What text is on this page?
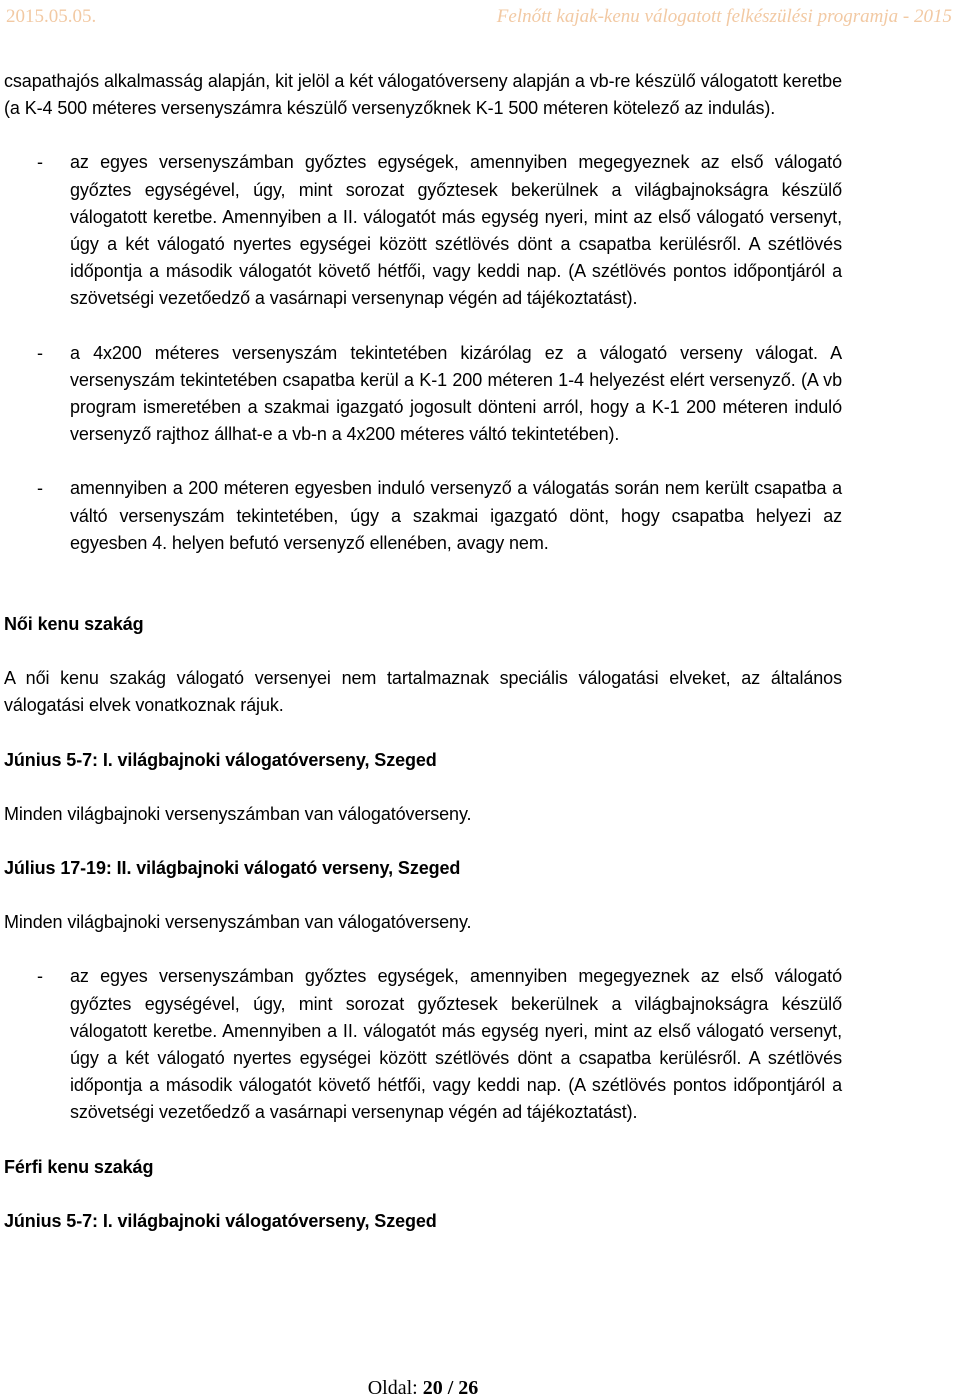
2015.05.05.	Felnőtt kajak-kenu válogatott felkészülési programja - 2015

csapathajós alkalmasság alapján, kit jelöl a két válogatóverseny alapján a vb-re készülő válogatott keretbe (a K-4 500 méteres versenyszámra készülő versenyzőknek K-1 500 méteren kötelező az indulás).

- az egyes versenyszámban győztes egységek, amennyiben megegyeznek az első válogató győztes egységével, úgy, mint sorozat győztesek bekerülnek a világbajnokságra készülő válogatott keretbe. Amennyiben a II. válogatót más egység nyeri, mint az első válogató versenyt, úgy a két válogató nyertes egységei között szétlövés dönt a csapatba kerülésről. A szétlövés időpontja a második válogatót követő hétfői, vagy keddi nap. (A szétlövés pontos időpontjáról a szövetségi vezetőedző a vasárnapi versenynap végén ad tájékoztatást).

- a 4x200 méteres versenyszám tekintetében kizárólag ez a válogató verseny válogat. A versenyszám tekintetében csapatba kerül a K-1 200 méteren 1-4 helyezést elért versenyző. (A vb program ismeretében a szakmai igazgató jogosult dönteni arról, hogy a K-1 200 méteren induló versenyző rajthoz állhat-e a vb-n a 4x200 méteres váltó tekintetében).

- amennyiben a 200 méteren egyesben induló versenyző a válogatás során nem került csapatba a váltó versenyszám tekintetében, úgy a szakmai igazgató dönt, hogy csapatba helyezi az egyesben 4. helyen befutó versenyző ellenében, avagy nem.

Női kenu szakág

A női kenu szakág válogató versenyei nem tartalmaznak speciális válogatási elveket, az általános válogatási elvek vonatkoznak rájuk.

Június 5-7: I. világbajnoki válogatóverseny, Szeged

Minden világbajnoki versenyszámban van válogatóverseny.

Július 17-19: II. világbajnoki válogató verseny, Szeged

Minden világbajnoki versenyszámban van válogatóverseny.

- az egyes versenyszámban győztes egységek, amennyiben megegyeznek az első válogató győztes egységével, úgy, mint sorozat győztesek bekerülnek a világbajnokságra készülő válogatott keretbe. Amennyiben a II. válogatót más egység nyeri, mint az első válogató versenyt, úgy a két válogató nyertes egységei között szétlövés dönt a csapatba kerülésről. A szétlövés időpontja a második válogatót követő hétfői, vagy keddi nap. (A szétlövés pontos időpontjáról a szövetségi vezetőedző a vasárnapi versenynap végén ad tájékoztatást).

Férfi kenu szakág

Június 5-7: I. világbajnoki válogatóverseny, Szeged

Oldal: 20 / 26
